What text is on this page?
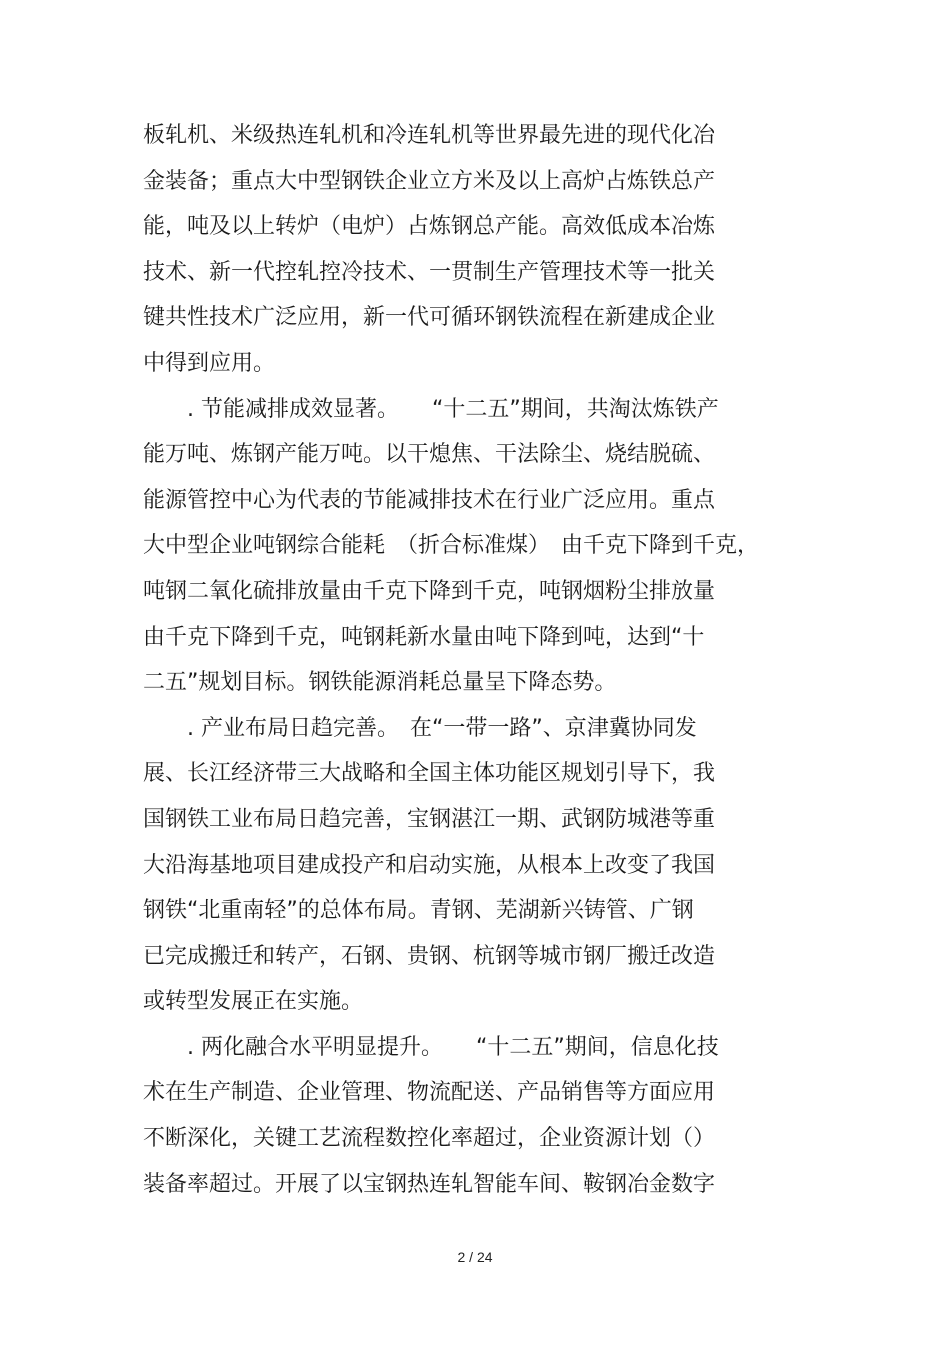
板轧机、米级热连轧机和冷连轧机等世界最先进的现代化冶
金装备；重点大中型钢铁企业立方米及以上高炉占炼铁总产
能，吨及以上转炉（电炉）占炼钢总产能。高效低成本冶炼
技术、新一代控轧控冷技术、一贯制生产管理技术等一批关
键共性技术广泛应用，新一代可循环钢铁流程在新建成企业
中得到应用。
　　. 节能减排成效显著。　　“十二五”期间，共淘汰炼铁产
能万吨、炼钢产能万吨。以干熄焦、干法除尘、烧结脱硫、
能源管控中心为代表的节能减排技术在行业广泛应用。重点
大中型企业吨钢综合能耗　（折合标准煤）　由千克下降到千克，
吨钢二氧化硫排放量由千克下降到千克，吨钢烟粉尘排放量
由千克下降到千克，吨钢耗新水量由吨下降到吨，达到“十
二五”规划目标。钢铁能源消耗总量呈下降态势。
　　. 产业布局日趋完善。　在“一带一路”、京津冀协同发
展、长江经济带三大战略和全国主体功能区规划引导下，我
国钢铁工业布局日趋完善，宝钢湛江一期、武钢防城港等重
大沿海基地项目建成投产和启动实施，从根本上改变了我国
钢铁“北重南轻”的总体布局。青钢、芜湖新兴铸管、广钢
已完成搬迁和转产，石钢、贵钢、杭钢等城市钢厂搬迁改造
或转型发展正在实施。
　　. 两化融合水平明显提升。　　“十二五”期间，信息化技
术在生产制造、企业管理、物流配送、产品销售等方面应用
不断深化，关键工艺流程数控化率超过，企业资源计划（）
装备率超过。开展了以宝钢热连轧智能车间、鞍钢冶金数字
2 / 24
